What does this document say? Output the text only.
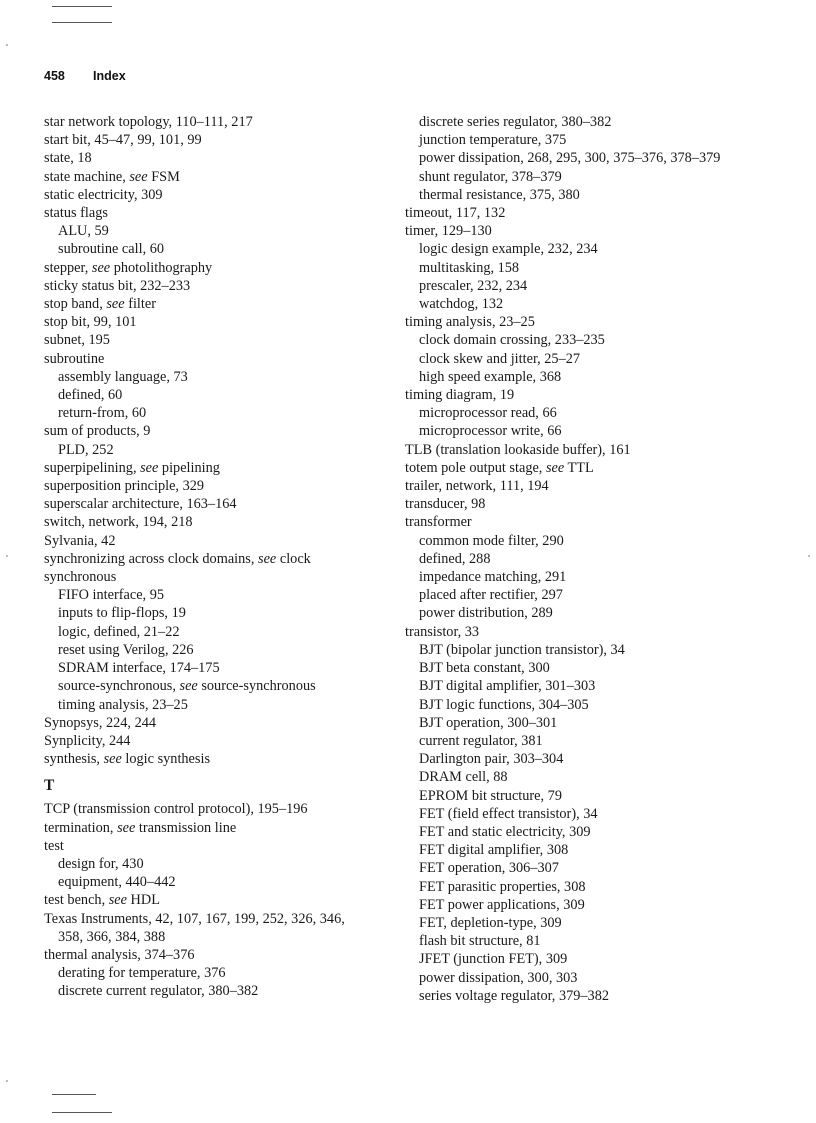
458 Index
star network topology, 110–111, 217
start bit, 45–47, 99, 101, 99
state, 18
state machine, see FSM
static electricity, 309
status flags
ALU, 59
subroutine call, 60
stepper, see photolithography
sticky status bit, 232–233
stop band, see filter
stop bit, 99, 101
subnet, 195
subroutine
assembly language, 73
defined, 60
return-from, 60
sum of products, 9
PLD, 252
superpipelining, see pipelining
superposition principle, 329
superscalar architecture, 163–164
switch, network, 194, 218
Sylvania, 42
synchronizing across clock domains, see clock
synchronous
FIFO interface, 95
inputs to flip-flops, 19
logic, defined, 21–22
reset using Verilog, 226
SDRAM interface, 174–175
source-synchronous, see source-synchronous
timing analysis, 23–25
Synopsys, 224, 244
Synplicity, 244
synthesis, see logic synthesis
T
TCP (transmission control protocol), 195–196
termination, see transmission line
test
design for, 430
equipment, 440–442
test bench, see HDL
Texas Instruments, 42, 107, 167, 199, 252, 326, 346,
358, 366, 384, 388
thermal analysis, 374–376
derating for temperature, 376
discrete current regulator, 380–382
discrete series regulator, 380–382
junction temperature, 375
power dissipation, 268, 295, 300, 375–376, 378–379
shunt regulator, 378–379
thermal resistance, 375, 380
timeout, 117, 132
timer, 129–130
logic design example, 232, 234
multitasking, 158
prescaler, 232, 234
watchdog, 132
timing analysis, 23–25
clock domain crossing, 233–235
clock skew and jitter, 25–27
high speed example, 368
timing diagram, 19
microprocessor read, 66
microprocessor write, 66
TLB (translation lookaside buffer), 161
totem pole output stage, see TTL
trailer, network, 111, 194
transducer, 98
transformer
common mode filter, 290
defined, 288
impedance matching, 291
placed after rectifier, 297
power distribution, 289
transistor, 33
BJT (bipolar junction transistor), 34
BJT beta constant, 300
BJT digital amplifier, 301–303
BJT logic functions, 304–305
BJT operation, 300–301
current regulator, 381
Darlington pair, 303–304
DRAM cell, 88
EPROM bit structure, 79
FET (field effect transistor), 34
FET and static electricity, 309
FET digital amplifier, 308
FET operation, 306–307
FET parasitic properties, 308
FET power applications, 309
FET, depletion-type, 309
flash bit structure, 81
JFET (junction FET), 309
power dissipation, 300, 303
series voltage regulator, 379–382
